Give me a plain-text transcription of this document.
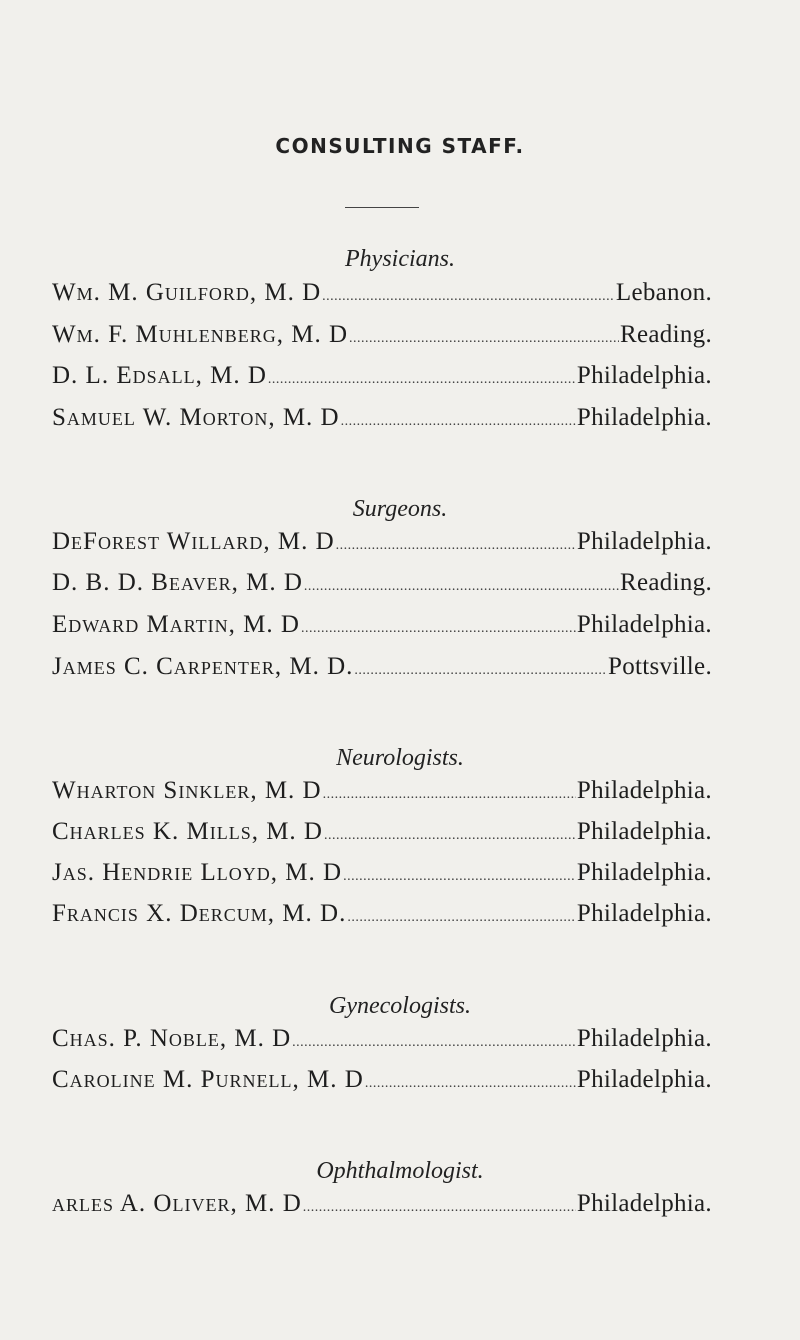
CONSULTING STAFF.
Physicians.
Wm. M. Guilford, M. D .....	Lebanon.
Wm. F. Muhlenberg, M. D .....	Reading.
D. L. Edsall, M. D .....	Philadelphia.
Samuel W. Morton, M. D .....	Philadelphia.
Surgeons.
DeForest Willard, M. D .....	Philadelphia.
D. B. D. Beaver, M. D .....	Reading.
Edward Martin, M. D .....	Philadelphia.
James C. Carpenter, M. D. .....	Pottsville.
Neurologists.
Wharton Sinkler, M. D .....	Philadelphia.
Charles K. Mills, M. D .....	Philadelphia.
Jas. Hendrie Lloyd, M. D .....	Philadelphia.
Francis X. Dercum, M. D. .....	Philadelphia.
Gynecologists.
Chas. P. Noble, M. D .....	Philadelphia.
Caroline M. Purnell, M. D .....	Philadelphia.
Ophthalmologist.
arles A. Oliver, M. D .....	Philadelphia.
